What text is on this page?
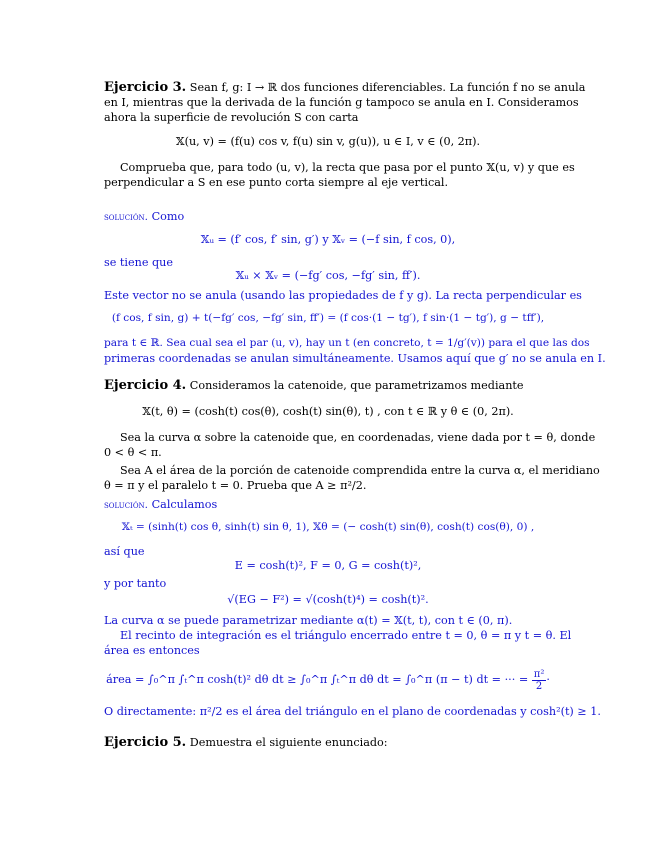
Ejercicio 3. Sean f, g: I → ℝ dos funciones diferenciables. La función f no se anula
en I, mientras que la derivada de la función g tampoco se anula en I. Consideramos
ahora la superficie de revolución S con carta
𝕏(u, v) = (f(u) cos v, f(u) sin v, g(u)), u ∈ I, v ∈ (0, 2π).
Comprueba que, para todo (u, v), la recta que pasa por el punto 𝕏(u, v) y que es
perpendicular a S en ese punto corta siempre al eje vertical.
solución. Como
𝕏ᵤ = (f′ cos, f′ sin, g′) y 𝕏ᵥ = (−f sin, f cos, 0),
se tiene que
𝕏ᵤ × 𝕏ᵥ = (−fg′ cos, −fg′ sin, ff′).
Este vector no se anula (usando las propiedades de f y g). La recta perpendicular es
(f cos, f sin, g) + t(−fg′ cos, −fg′ sin, ff′) = (f cos·(1 − tg′), f sin·(1 − tg′), g − tff′),
para t ∈ ℝ. Sea cual sea el par (u, v), hay un t (en concreto, t = 1/g′(v)) para el que las dos
primeras coordenadas se anulan simultáneamente. Usamos aquí que g′ no se anula en I.
Ejercicio 4. Consideramos la catenoide, que parametrizamos mediante
𝕏(t, θ) = (cosh(t) cos(θ), cosh(t) sin(θ), t) , con t ∈ ℝ y θ ∈ (0, 2π).
Sea la curva α sobre la catenoide que, en coordenadas, viene dada por t = θ, donde
0 < θ < π.
Sea A el área de la porción de catenoide comprendida entre la curva α, el meridiano
θ = π y el paralelo t = 0. Prueba que A ≥ π²/2.
solución. Calculamos
𝕏ₜ = (sinh(t) cos θ, sinh(t) sin θ, 1), 𝕏θ = (− cosh(t) sin(θ), cosh(t) cos(θ), 0) ,
así que
E = cosh(t)², F = 0, G = cosh(t)²,
y por tanto
√(EG − F²) = √(cosh(t)⁴) = cosh(t)².
La curva α se puede parametrizar mediante α(t) = 𝕏(t, t), con t ∈ (0, π).
El recinto de integración es el triángulo encerrado entre t = 0, θ = π y t = θ. El
área es entonces
área = ∫₀^π ∫ₜ^π cosh(t)² dθ dt ≥ ∫₀^π ∫ₜ^π dθ dt = ∫₀^π (π − t) dt = ··· = $\frac{\text{π²}}{2}$ ·
O directamente: π²/2 es el área del triángulo en el plano de coordenadas y cosh²(t) ≥ 1.
Ejercicio 5. Demuestra el siguiente enunciado:
